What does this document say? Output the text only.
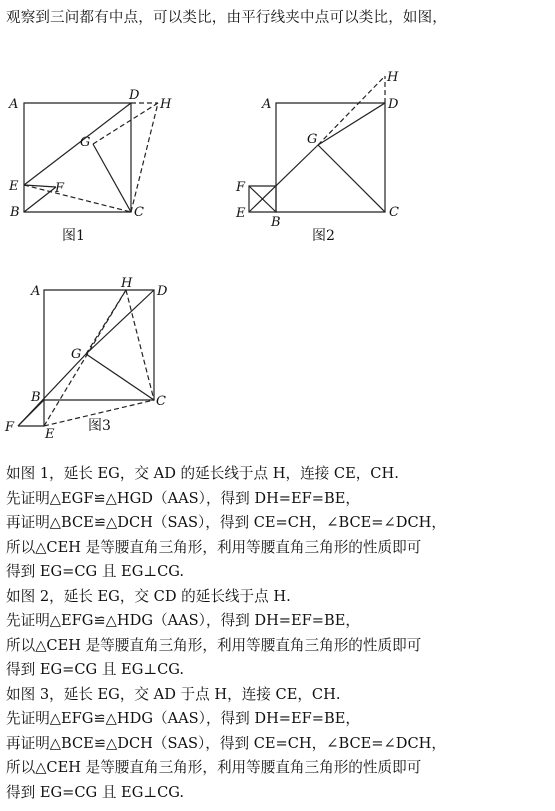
观察到三问都有中点，可以类比，由平行线夹中点可以类比，如图，
A
D
H
G
E	F
B	C
图1
H
A	D
G
F
E
B
C
图2
A
H
D
G
B	C
F E
图3
如图 1，延长 EG，交 AD 的延长线于点 H，连接 CE，CH.
先证明△EGF≌△HGD（AAS），得到 DH=EF=BE，
再证明△BCE≌△DCH（SAS），得到 CE=CH，∠BCE=∠DCH，
所以△CEH 是等腰直角三角形，利用等腰直角三角形的性质即可
得到 EG=CG 且 EG⊥CG.
如图 2，延长 EG，交 CD 的延长线于点 H.
先证明△EFG≌△HDG（AAS），得到 DH=EF=BE，
所以△CEH 是等腰直角三角形，利用等腰直角三角形的性质即可
得到 EG=CG 且 EG⊥CG.
如图 3，延长 EG，交 AD 于点 H，连接 CE，CH.
先证明△EFG≌△HDG（AAS），得到 DH=EF=BE，
再证明△BCE≌△DCH（SAS），得到 CE=CH，∠BCE=∠DCH，
所以△CEH 是等腰直角三角形，利用等腰直角三角形的性质即可
得到 EG=CG 且 EG⊥CG.
